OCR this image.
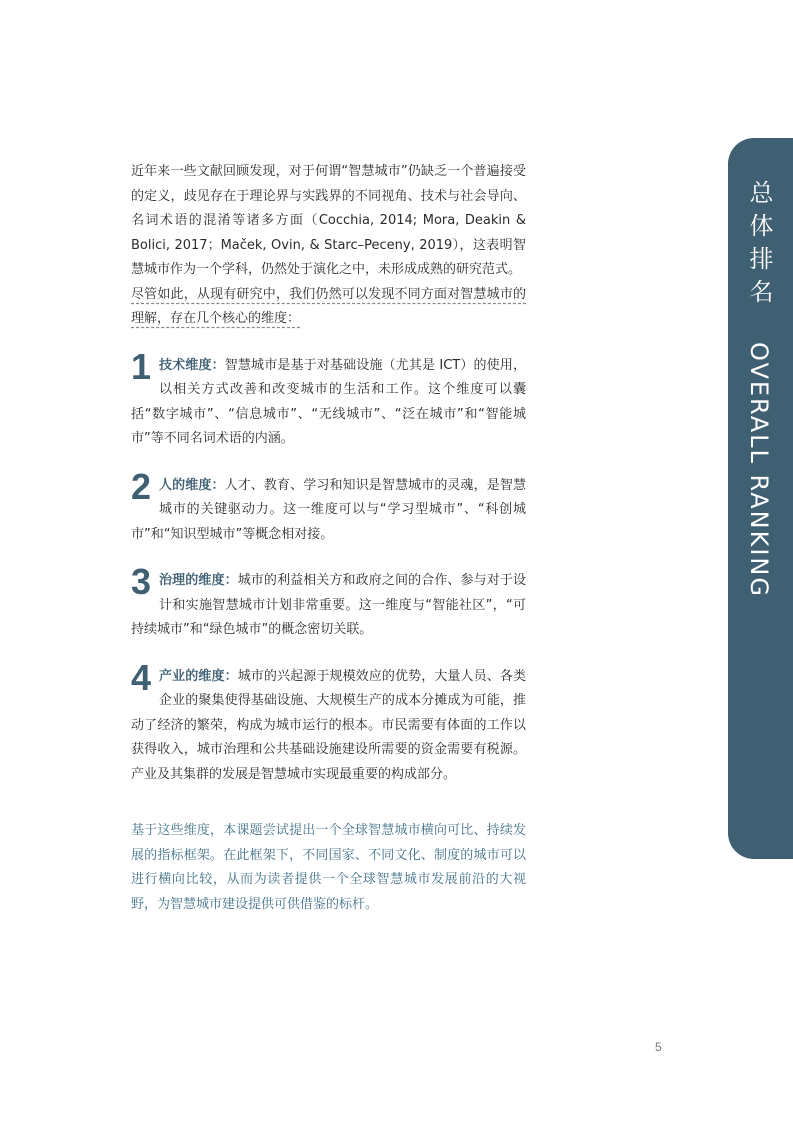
近年来一些文献回顾发现，对于何谓“智慧城市”仍缺乏一个普遍接受的定义，歧见存在于理论界与实践界的不同视角、技术与社会导向、名词术语的混淆等诸多方面（Cocchia, 2014; Mora, Deakin & Bolici, 2017；Maček, Ovin, & Starc–Peceny, 2019），这表明智慧城市作为一个学科，仍然处于演化之中，未形成成熟的研究范式。

尽管如此，从现有研究中，我们仍然可以发现不同方面对智慧城市的理解，存在几个核心的维度：

1 技术维度：智慧城市是基于对基础设施（尤其是 ICT）的使用，以相关方式改善和改变城市的生活和工作。这个维度可以囊括“数字城市”、“信息城市”、“无线城市”、“泛在城市”和“智能城市”等不同名词术语的内涵。

2 人的维度：人才、教育、学习和知识是智慧城市的灵魂，是智慧城市的关键驱动力。这一维度可以与“学习型城市”、“科创城市”和“知识型城市”等概念相对接。

3 治理的维度：城市的利益相关方和政府之间的合作、参与对于设计和实施智慧城市计划非常重要。这一维度与“智能社区”，“可持续城市”和“绿色城市”的概念密切关联。

4 产业的维度：城市的兴起源于规模效应的优势，大量人员、各类企业的聚集使得基础设施、大规模生产的成本分摊成为可能，推动了经济的繁荣，构成为城市运行的根本。市民需要有体面的工作以获得收入，城市治理和公共基础设施建设所需要的资金需要有税源。产业及其集群的发展是智慧城市实现最重要的构成部分。

基于这些维度，本课题尝试提出一个全球智慧城市横向可比、持续发展的指标框架。在此框架下，不同国家、不同文化、制度的城市可以进行横向比较，从而为读者提供一个全球智慧城市发展前沿的大视野，为智慧城市建设提供可供借鉴的标杆。

总体排名 OVERALL RANKING
5
